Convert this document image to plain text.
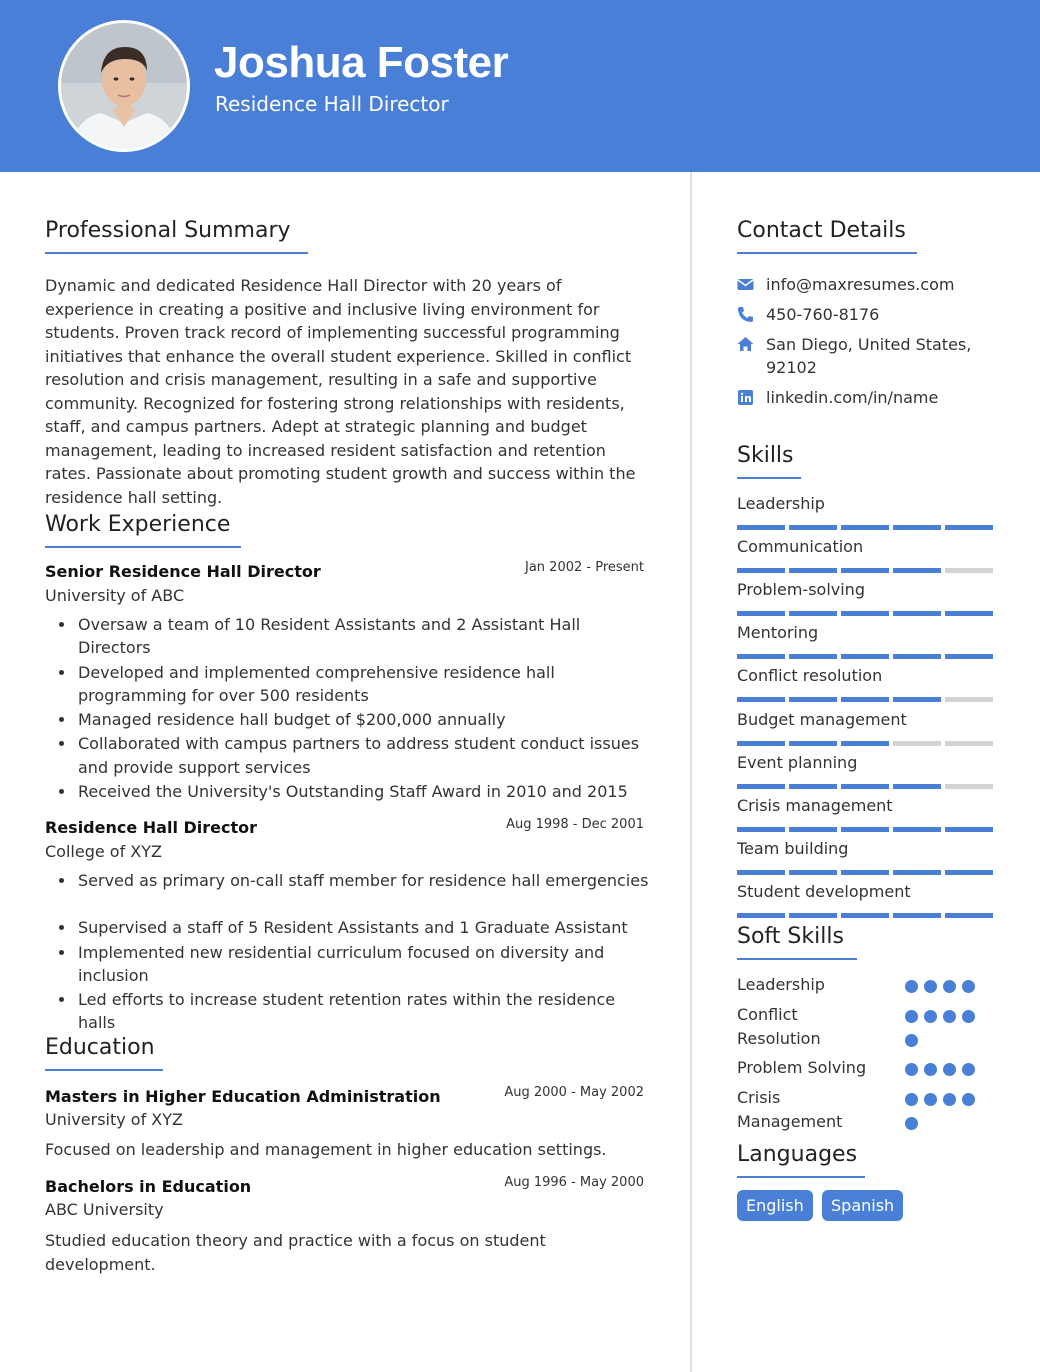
Joshua Foster
Residence Hall Director
Professional Summary
Dynamic and dedicated Residence Hall Director with 20 years of experience in creating a positive and inclusive living environment for students. Proven track record of implementing successful programming initiatives that enhance the overall student experience. Skilled in conflict resolution and crisis management, resulting in a safe and supportive community. Recognized for fostering strong relationships with residents, staff, and campus partners. Adept at strategic planning and budget management, leading to increased resident satisfaction and retention rates. Passionate about promoting student growth and success within the residence hall setting.
Work Experience
Senior Residence Hall Director	Jan 2002 - Present
University of ABC
Oversaw a team of 10 Resident Assistants and 2 Assistant Hall Directors
Developed and implemented comprehensive residence hall programming for over 500 residents
Managed residence hall budget of $200,000 annually
Collaborated with campus partners to address student conduct issues and provide support services
Received the University's Outstanding Staff Award in 2010 and 2015
Residence Hall Director	Aug 1998 - Dec 2001
College of XYZ
Served as primary on-call staff member for residence hall emergencies
Supervised a staff of 5 Resident Assistants and 1 Graduate Assistant
Implemented new residential curriculum focused on diversity and inclusion
Led efforts to increase student retention rates within the residence halls
Education
Masters in Higher Education Administration	Aug 2000 - May 2002
University of XYZ
Focused on leadership and management in higher education settings.
Bachelors in Education	Aug 1996 - May 2000
ABC University
Studied education theory and practice with a focus on student development.
Contact Details
info@maxresumes.com
450-760-8176
San Diego, United States, 92102
linkedin.com/in/name
Skills
Leadership
Communication
Problem-solving
Mentoring
Conflict resolution
Budget management
Event planning
Crisis management
Team building
Student development
Soft Skills
Leadership
Conflict Resolution
Problem Solving
Crisis Management
Languages
English	Spanish
